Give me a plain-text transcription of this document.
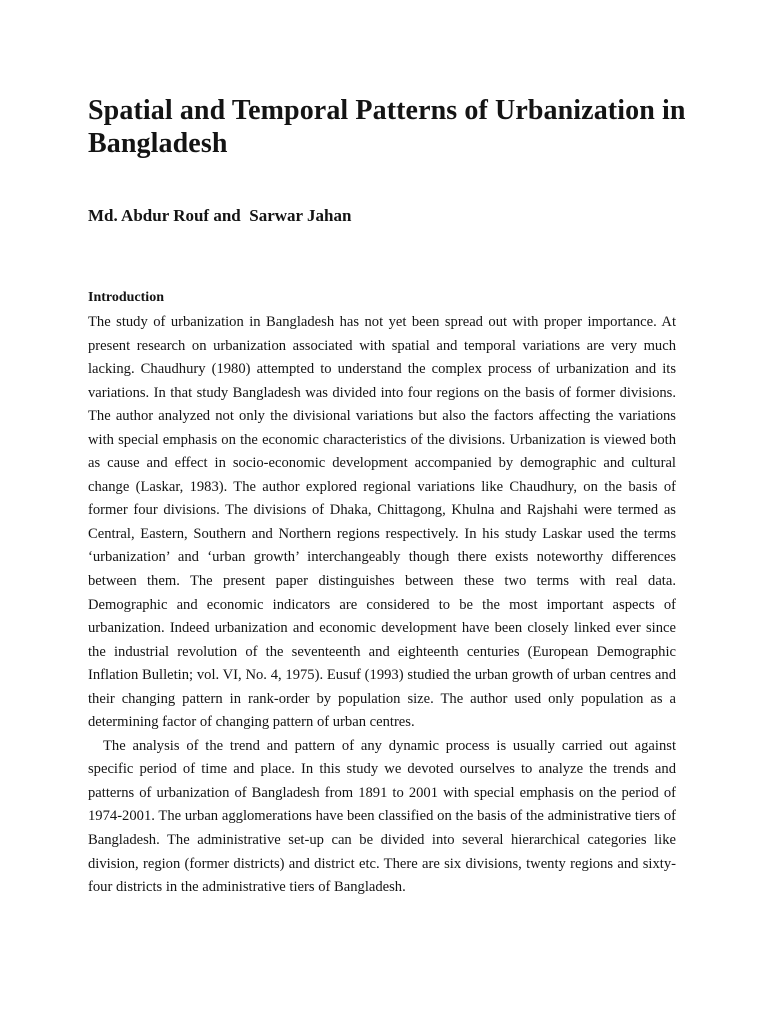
Spatial and Temporal Patterns of Urbanization in Bangladesh

Md. Abdur Rouf and  Sarwar Jahan

Introduction

The study of urbanization in Bangladesh has not yet been spread out with proper importance. At present research on urbanization associated with spatial and temporal variations are very much lacking. Chaudhury (1980) attempted to understand the complex process of urbanization and its variations. In that study Bangladesh was divided into four regions on the basis of former divisions. The author analyzed not only the divisional variations but also the factors affecting the variations with special emphasis on the economic characteristics of the divisions. Urbanization is viewed both as cause and effect in socio-economic development accompanied by demographic and cultural change (Laskar, 1983). The author explored regional variations like Chaudhury, on the basis of former four divisions. The divisions of Dhaka, Chittagong, Khulna and Rajshahi were termed as Central, Eastern, Southern and Northern regions respectively. In his study Laskar used the terms ‘urbanization’ and ‘urban growth’ interchangeably though there exists noteworthy differences between them. The present paper distinguishes between these two terms with real data. Demographic and economic indicators are considered to be the most important aspects of urbanization. Indeed urbanization and economic development have been closely linked ever since the industrial revolution of the seventeenth and eighteenth centuries (European Demographic Inflation Bulletin; vol. VI, No. 4, 1975). Eusuf (1993) studied the urban growth of urban centres and their changing pattern in rank-order by population size. The author used only population as a determining factor of changing pattern of urban centres.

The analysis of the trend and pattern of any dynamic process is usually carried out against specific period of time and place. In this study we devoted ourselves to analyze the trends and patterns of urbanization of Bangladesh from 1891 to 2001 with special emphasis on the period of 1974-2001. The urban agglomerations have been classified on the basis of the administrative tiers of Bangladesh. The administrative set-up can be divided into several hierarchical categories like division, region (former districts) and district etc. There are six divisions, twenty regions and sixty-four districts in the administrative tiers of Bangladesh.
